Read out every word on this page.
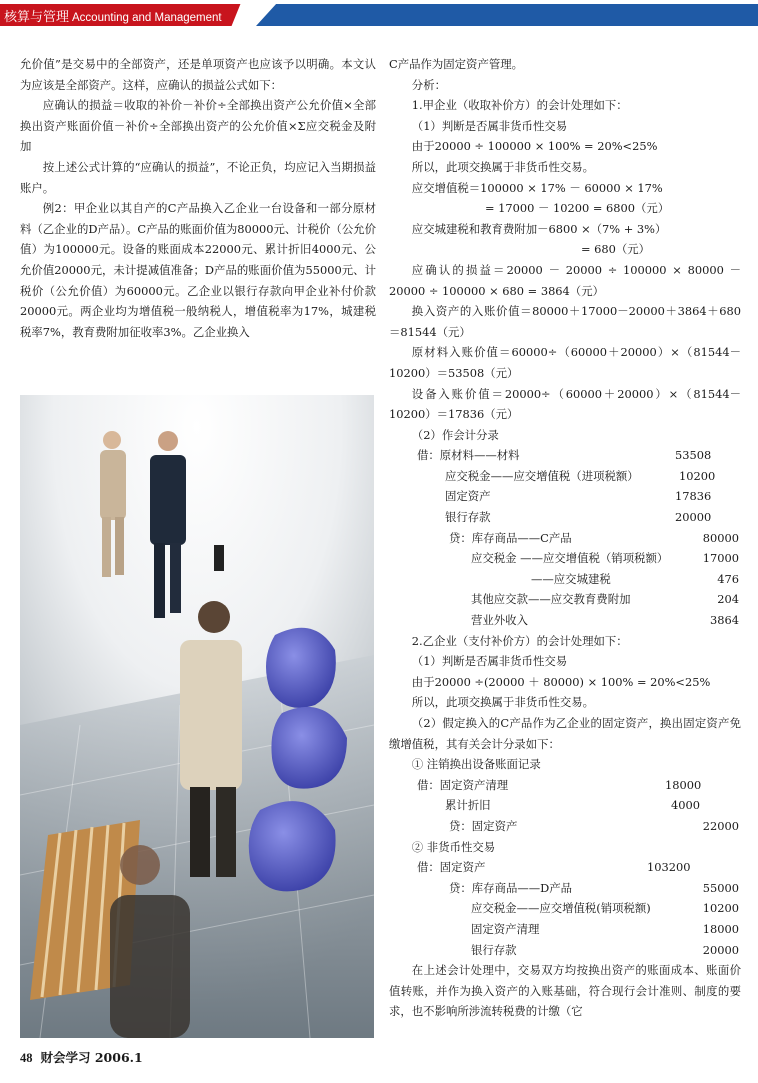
核算与管理 Accounting and Management

允价值”是交易中的全部资产，还是单项资产也应该予以明确。本文认为应该是全部资产。这样，应确认的损益公式如下：

应确认的损益＝收取的补价－补价÷全部换出资产公允价值×全部换出资产账面价值－补价÷全部换出资产的公允价值×Σ应交税金及附加

按上述公式计算的“应确认的损益”，不论正负，均应记入当期损益账户。

例2：甲企业以其自产的C产品换入乙企业一台设备和一部分原材料（乙企业的D产品）。C产品的账面价值为80000元、计税价（公允价值）为100000元。设备的账面成本22000元、累计折旧4000元、公允价值20000元，未计提减值准备；D产品的账面价值为55000元、计税价（公允价值）为60000元。乙企业以银行存款向甲企业补付价款20000元。两企业均为增值税一般纳税人，增值税率为17%，城建税税率7%，教育费附加征收率3%。乙企业换入

C产品作为固定资产管理。

分析：

1.甲企业（收取补价方）的会计处理如下：

（1）判断是否属非货币性交易

由于20000 ÷ 100000 × 100% = 20%<25%

所以，此项交换属于非货币性交易。

应交增值税＝100000 × 17% － 60000 × 17%

= 17000 － 10200 = 6800（元）

应交城建税和教育费附加－6800 ×（7% + 3%）

= 680（元）

应确认的损益＝20000 － 20000 ÷ 100000 × 80000 － 20000 ÷ 100000 × 680 = 3864（元）

换入资产的入账价值＝80000＋17000－20000＋3864＋680＝81544（元）

原材料入账价值＝60000÷（60000＋20000）×（81544－10200）＝53508（元）

设备入账价值＝20000÷（60000＋20000）×（81544－10200）＝17836（元）

（2）作会计分录

借：原材料——材料	53508
应交税金——应交增值税（进项税额）	10200
固定资产	17836
银行存款	20000
贷：库存商品——C产品	80000
应交税金 ——应交增值税（销项税额）	17000
——应交城建税	476
其他应交款——应交教育费附加	204
营业外收入	3864

2.乙企业（支付补价方）的会计处理如下：

（1）判断是否属非货币性交易

由于20000 ÷(20000 ＋ 80000) × 100% = 20%<25%

所以，此项交换属于非货币性交易。

（2）假定换入的C产品作为乙企业的固定资产，换出固定资产免缴增值税，其有关会计分录如下：

① 注销换出设备账面记录

借：固定资产清理	18000
累计折旧	4000
贷：固定资产	22000

② 非货币性交易

借：固定资产	103200
贷：库存商品——D产品	55000
应交税金——应交增值税(销项税额)	10200
固定资产清理	18000
银行存款	20000

在上述会计处理中，交易双方均按换出资产的账面成本、账面价值转账，并作为换入资产的入账基础，符合现行会计准则、制度的要求，也不影响所涉流转税费的计缴（它

48 财会学习 2006.1
